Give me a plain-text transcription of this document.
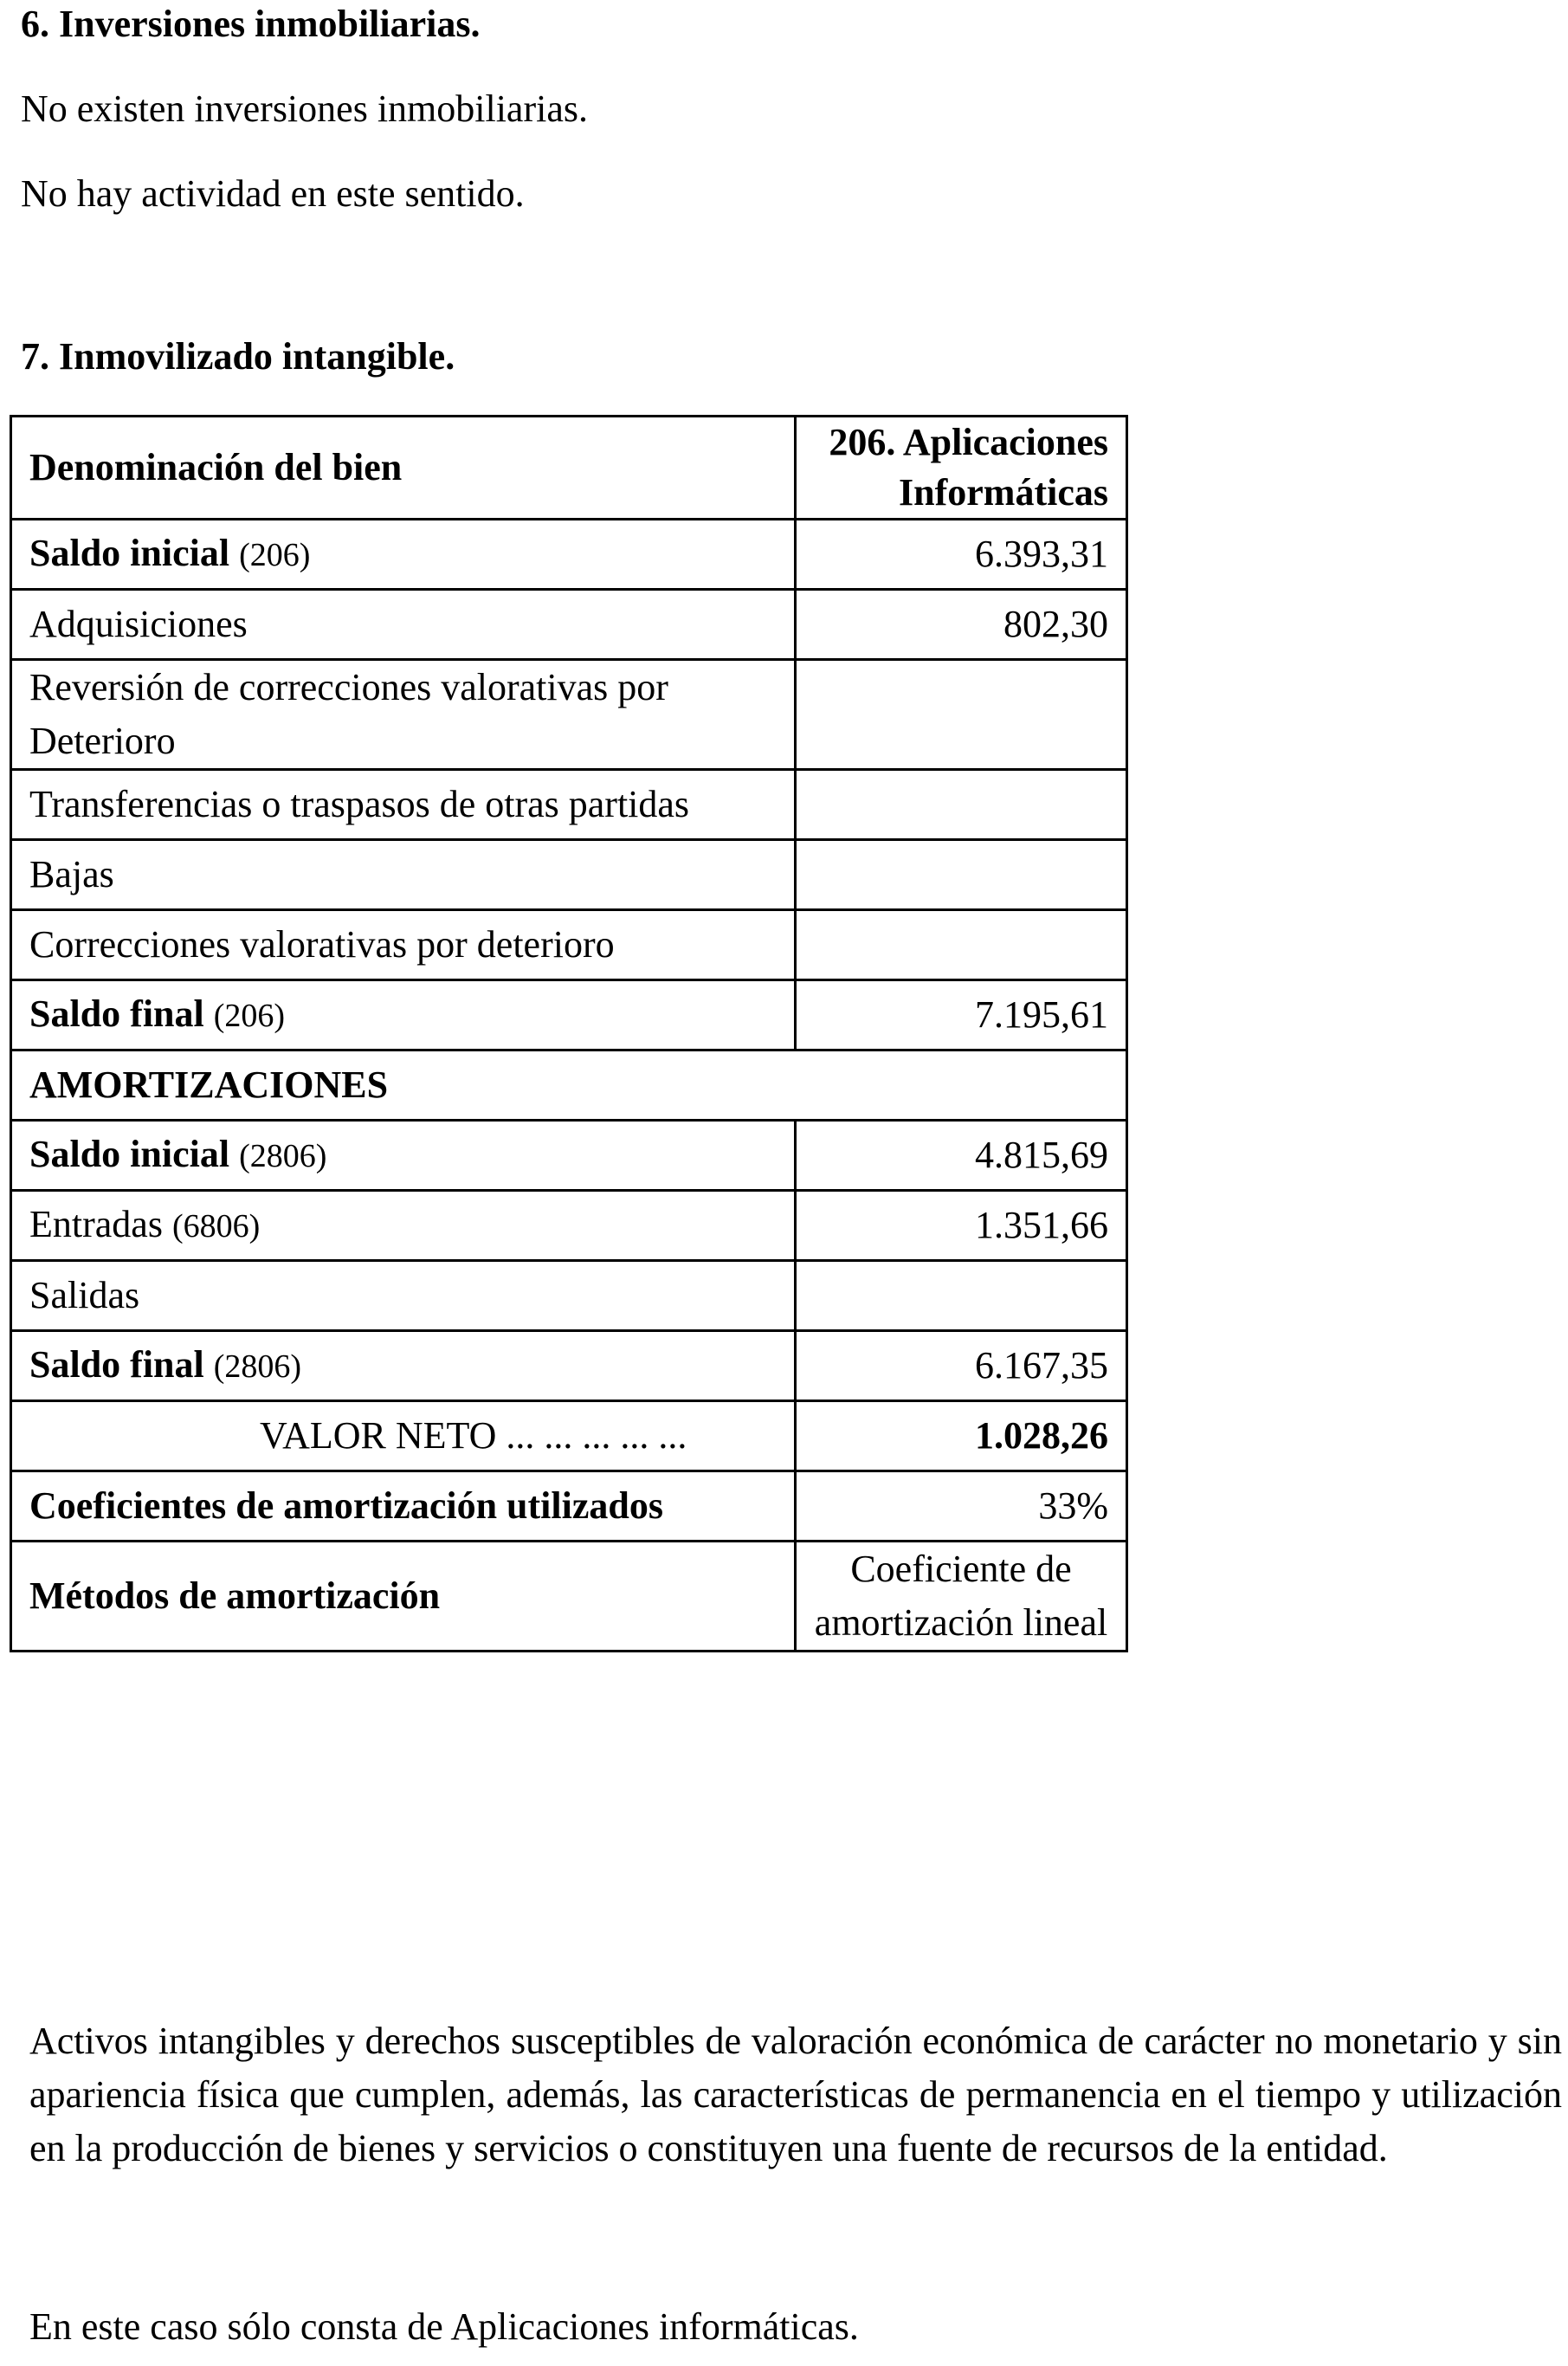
6. Inversiones inmobiliarias.
No existen inversiones inmobiliarias.
No hay actividad en este sentido.
7. Inmovilizado intangible.
Denominación del bien	206. Aplicaciones Informáticas
Saldo inicial (206)	6.393,31
Adquisiciones	802,30
Reversión de correcciones valorativas por Deterioro	
Transferencias o traspasos de otras partidas	
Bajas	
Correcciones valorativas por deterioro	
Saldo final (206)	7.195,61
AMORTIZACIONES	
Saldo inicial (2806)	4.815,69
Entradas (6806)	1.351,66
Salidas	
Saldo final (2806)	6.167,35
VALOR NETO ... ... ... ... ...	1.028,26
Coeficientes de amortización utilizados	33%
Métodos de amortización	Coeficiente de amortización lineal
Activos intangibles y derechos susceptibles de valoración económica de carácter no monetario y sin apariencia física que cumplen, además, las características de permanencia en el tiempo y utilización en la producción de bienes y servicios o constituyen una fuente de recursos de la entidad.
En este caso sólo consta de Aplicaciones informáticas.
